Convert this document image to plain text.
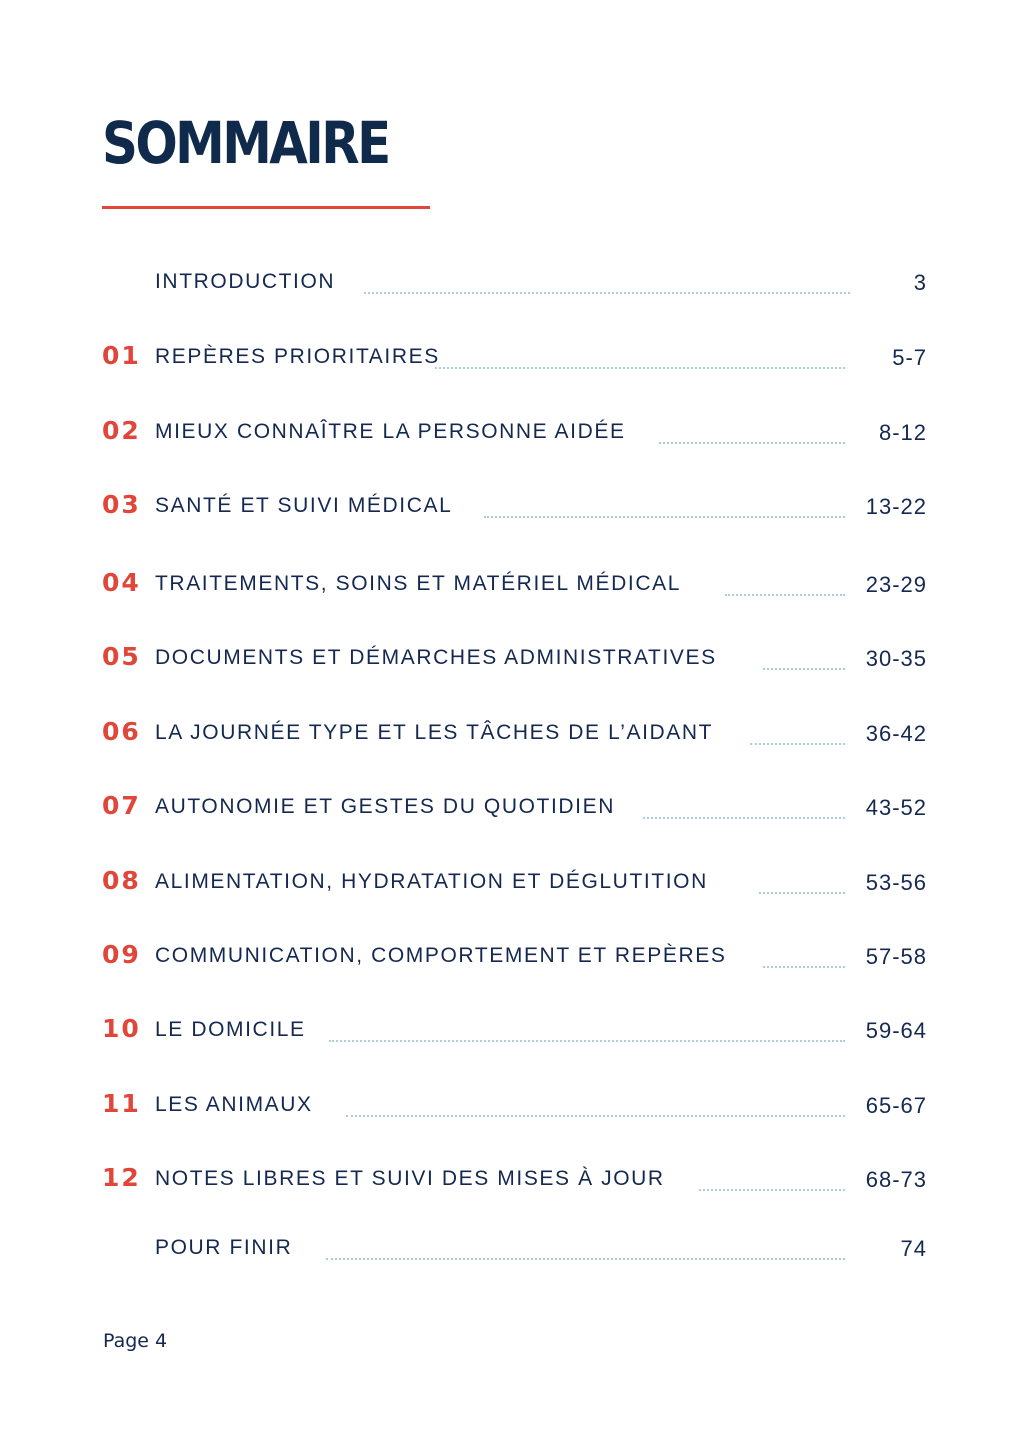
SOMMAIRE
INTRODUCTION	3
01 REPÈRES PRIORITAIRES	5-7
02 MIEUX CONNAÎTRE LA PERSONNE AIDÉE	8-12
03 SANTÉ ET SUIVI MÉDICAL	13-22
04 TRAITEMENTS, SOINS ET MATÉRIEL MÉDICAL	23-29
05 DOCUMENTS ET DÉMARCHES ADMINISTRATIVES	30-35
06 LA JOURNÉE TYPE ET LES TÂCHES DE L’AIDANT	36-42
07 AUTONOMIE ET GESTES DU QUOTIDIEN	43-52
08 ALIMENTATION, HYDRATATION ET DÉGLUTITION	53-56
09 COMMUNICATION, COMPORTEMENT ET REPÈRES	57-58
10 LE DOMICILE	59-64
11 LES ANIMAUX	65-67
12 NOTES LIBRES ET SUIVI DES MISES À JOUR	68-73
POUR FINIR	74
Page 4
